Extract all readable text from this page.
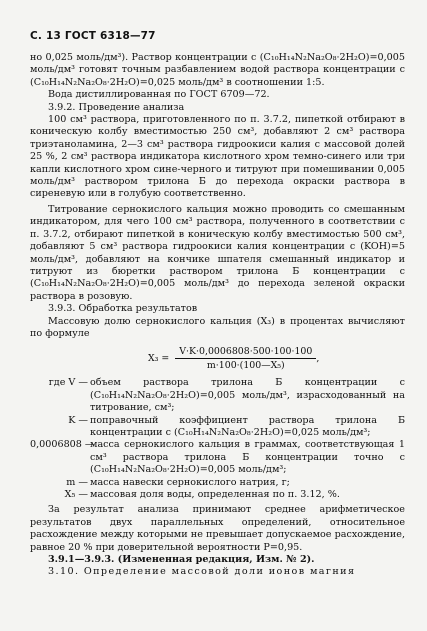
С. 13 ГОСТ 6318—77

но 0,025 моль/дм³). Раствор концентрации c (C₁₀H₁₄N₂Na₂O₈·2H₂O)=0,005 моль/дм³ готовят точным разбавлением водой раствора концентрации c (C₁₀H₁₄N₂Na₂O₈·2H₂O)=0,025 моль/дм³ в соотношении 1:5.

Вода дистиллированная по ГОСТ 6709—72.

3.9.2. Проведение анализа

100 см³ раствора, приготовленного по п. 3.7.2, пипеткой отбирают в коническую колбу вместимостью 250 см³, добавляют 2 см³ раствора триэтаноламина, 2—3 см³ раствора гидроокиси калия с массовой долей 25 %, 2 см³ раствора индикатора кислотного хром темно-синего или три капли кислотного хром сине-черного и титруют при помешивании 0,005 моль/дм³ раствором трилона Б до перехода окраски раствора в сиреневую или в голубую соответственно.

Титрование сернокислого кальция можно проводить со смешанным индикатором, для чего 100 см³ раствора, полученного в соответствии с п. 3.7.2, отбирают пипеткой в коническую колбу вместимостью 500 см³, добавляют 5 см³ раствора гидроокиси калия концентрации c (KOH)=5 моль/дм³, добавляют на кончике шпателя смешанный индикатор и титруют из бюретки раствором трилона Б концентрации c (C₁₀H₁₄N₂Na₂O₈·2H₂O)=0,005 моль/дм³ до перехода зеленой окраски раствора в розовую.

3.9.3. Обработка результатов

Массовую долю сернокислого кальция (X₃) в процентах вычисляют по формуле

$X_3 = \frac{V\cdot K\cdot 0,0006808\cdot 500\cdot 100\cdot 100}{\text{m·100·(100—X₅)}}$ ,
где V — объем раствора трилона Б концентрации c (C₁₀H₁₄N₂Na₂O₈·2H₂O)=0,005 моль/дм³, израсходованный на титрование, см³;
K — поправочный коэффициент раствора трилона Б концентрации c (C₁₀H₁₄N₂Na₂O₈·2H₂O)=0,025 моль/дм³;
0,0006808 —
масса сернокислого кальция в граммах, соответствующая 1 см³ раствора трилона Б концентрации точно c (C₁₀H₁₄N₂Na₂O₈·2H₂O)=0,005 моль/дм³;
m — масса навески сернокислого натрия, г;
X₅ — массовая доля воды, определенная по п. 3.12, %.

За результат анализа принимают среднее арифметическое результатов двух параллельных определений, относительное расхождение между которыми не превышает допускаемое расхождение, равное 20 % при доверительной вероятности P=0,95.

3.9.1—3.9.3. (Измененная редакция, Изм. № 2).

3.10. Определение массовой доли ионов магния
